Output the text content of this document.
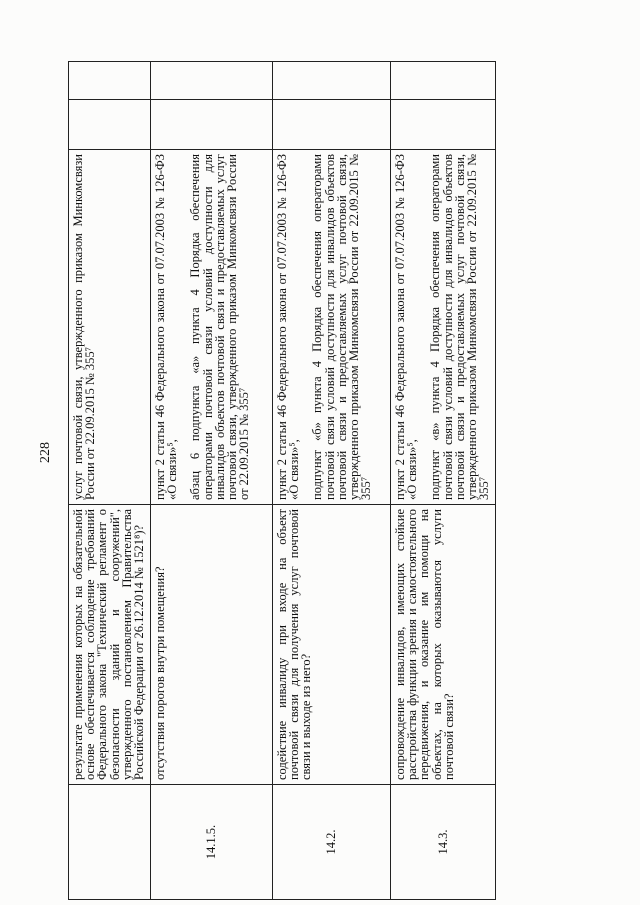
228

	результате применения которых на обязательной основе обеспечивается соблюдение требований Федерального закона "Технический регламент о безопасности зданий и сооружений", утвержденного постановлением Правительства Российской Федерации от 26.12.2014 № 1521⁸)?	услуг почтовой связи, утвержденного приказом Минкомсвязи России от 22.09.2015 № 355⁷		

14.1.5.	отсутствия порогов внутри помещения?	пункт 2 статьи 46 Федерального закона от 07.07.2003 № 126-ФЗ «О связи»⁵, абзац 6 подпункта «а» пункта 4 Порядка обеспечения операторами почтовой связи условий доступности для инвалидов объектов почтовой связи и предоставляемых услуг почтовой связи, утвержденного приказом Минкомсвязи России от 22.09.2015 № 355⁷		

14.2.	содействие инвалиду при входе на объект почтовой связи для получения услуг почтовой связи и выходе из него?	пункт 2 статьи 46 Федерального закона от 07.07.2003 № 126-ФЗ «О связи»⁵, подпункт «б» пункта 4 Порядка обеспечения операторами почтовой связи условий доступности для инвалидов объектов почтовой связи и предоставляемых услуг почтовой связи, утвержденного приказом Минкомсвязи России от 22.09.2015 № 355⁷		

14.3.	сопровождение инвалидов, имеющих стойкие расстройства функции зрения и самостоятельного передвижения, и оказание им помощи на объектах, на которых оказываются услуги почтовой связи?	пункт 2 статьи 46 Федерального закона от 07.07.2003 № 126-ФЗ «О связи»⁵, подпункт «в» пункта 4 Порядка обеспечения операторами почтовой связи условий доступности для инвалидов объектов почтовой связи и предоставляемых услуг почтовой связи, утвержденного приказом Минкомсвязи России от 22.09.2015 № 355⁷		
